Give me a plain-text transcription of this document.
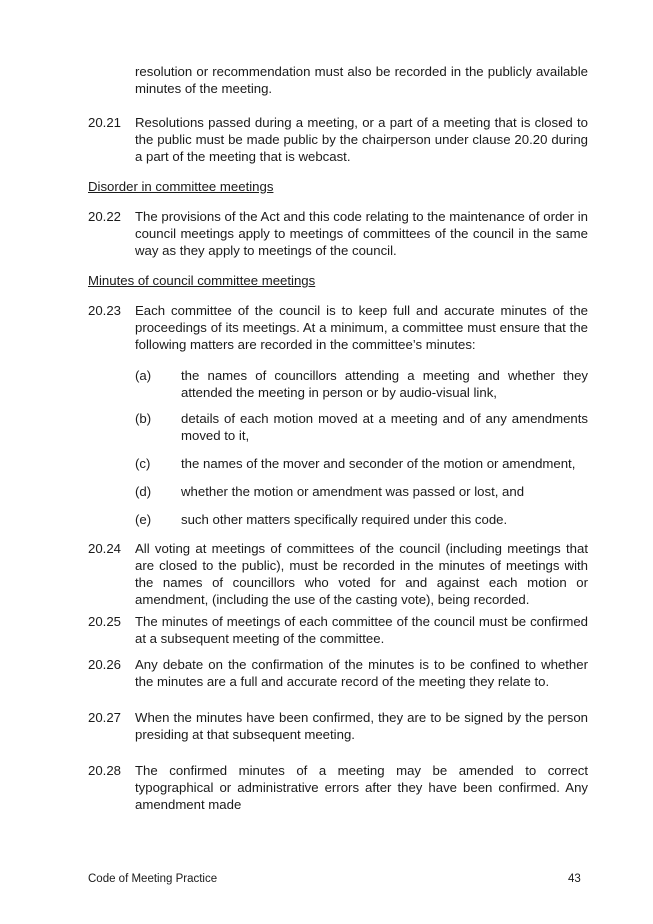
resolution or recommendation must also be recorded in the publicly available minutes of the meeting.
20.21	Resolutions passed during a meeting, or a part of a meeting that is closed to the public must be made public by the chairperson under clause 20.20 during a part of the meeting that is webcast.
Disorder in committee meetings
20.22	The provisions of the Act and this code relating to the maintenance of order in council meetings apply to meetings of committees of the council in the same way as they apply to meetings of the council.
Minutes of council committee meetings
20.23	Each committee of the council is to keep full and accurate minutes of the proceedings of its meetings. At a minimum, a committee must ensure that the following matters are recorded in the committee’s minutes:
(a)	the names of councillors attending a meeting and whether they attended the meeting in person or by audio-visual link,
(b)	details of each motion moved at a meeting and of any amendments moved to it,
(c)	the names of the mover and seconder of the motion or amendment,
(d)	whether the motion or amendment was passed or lost, and
(e)	such other matters specifically required under this code.
20.24	All voting at meetings of committees of the council (including meetings that are closed to the public), must be recorded in the minutes of meetings with the names of councillors who voted for and against each motion or amendment, (including the use of the casting vote), being recorded.
20.25	The minutes of meetings of each committee of the council must be confirmed at a subsequent meeting of the committee.
20.26	Any debate on the confirmation of the minutes is to be confined to whether the minutes are a full and accurate record of the meeting they relate to.
20.27	When the minutes have been confirmed, they are to be signed by the person presiding at that subsequent meeting.
20.28	The confirmed minutes of a meeting may be amended to correct typographical or administrative errors after they have been confirmed. Any amendment made
Code of Meeting Practice	43
